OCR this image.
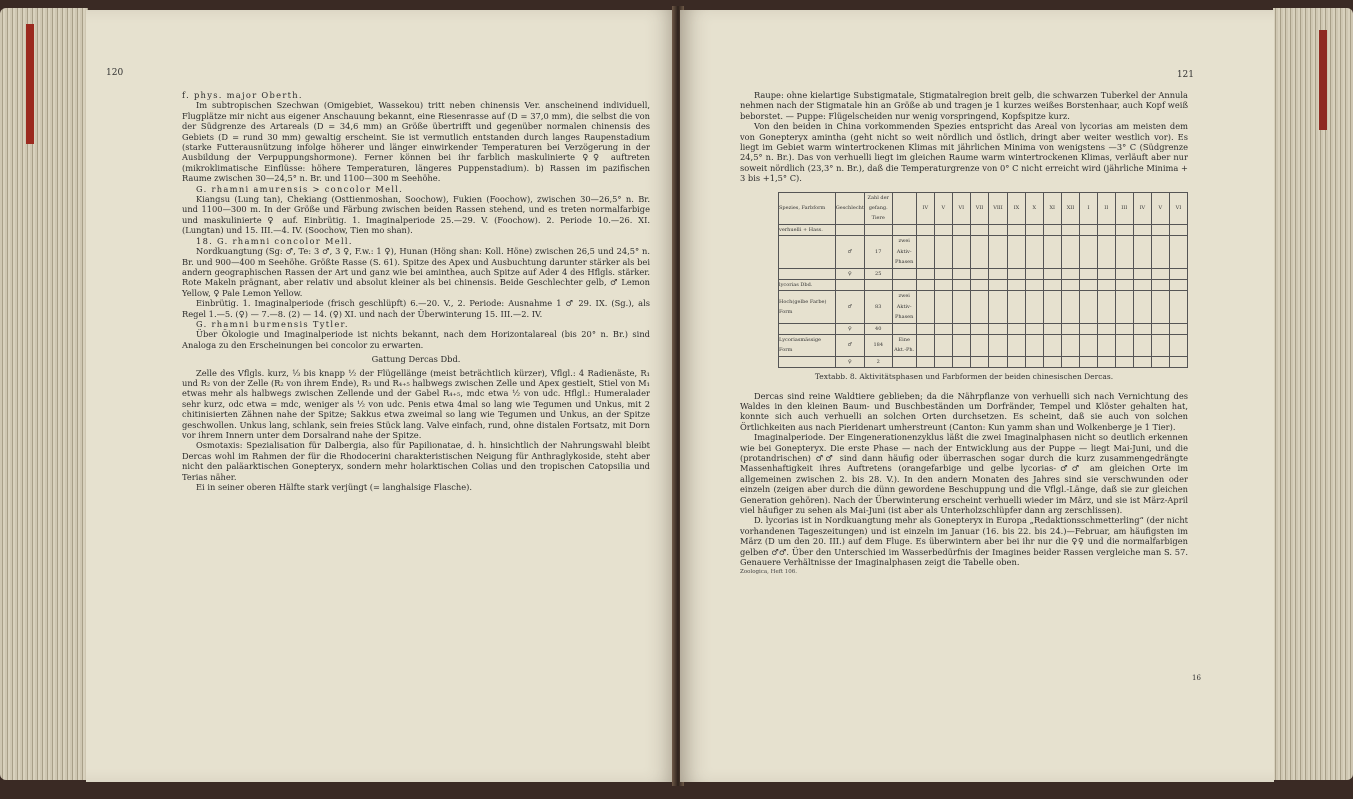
120

f. phys. major Oberth.

Im subtropischen Szechwan (Omigebiet, Wassekou) tritt neben chinensis Ver. anscheinend individuell, Flugplätze mir nicht aus eigener Anschauung bekannt, eine Riesenrasse auf (D = 37,0 mm), die selbst die von der Südgrenze des Artareals (D = 34,6 mm) an Größe übertrifft und gegenüber normalen chinensis des Gebiets (D = rund 30 mm) gewaltig erscheint. Sie ist vermutlich entstanden durch langes Raupenstadium (starke Futterausnützung infolge höherer und länger einwirkender Temperaturen bei Verzögerung in der Ausbildung der Verpuppungshormone). Ferner können bei ihr farblich maskulinierte ♀♀ auftreten (mikroklimatische Einflüsse: höhere Temperaturen, längeres Puppenstadium). b) Rassen im pazifischen Raume zwischen 30—24,5° n. Br. und 1100—300 m Seehöhe.

G. rhamni amurensis > concolor Mell.

Kiangsu (Lung tan), Chekiang (Osttienmoshan, Soochow), Fukien (Foochow), zwischen 30—26,5° n. Br. und 1100—300 m. In der Größe und Färbung zwischen beiden Rassen stehend, und es treten normalfarbige und maskulinierte ♀ auf. Einbrütig. 1. Imaginalperiode 25.—29. V. (Foochow). 2. Periode 10.—26. XI. (Lungtan) und 15. III.—4. IV. (Soochow, Tien mo shan).

18. G. rhamni concolor Mell.

Nordkuangtung (Sg: ♂, Te: 3 ♂, 3 ♀, F.w.: 1 ♀), Hunan (Höng shan: Koll. Höne) zwischen 26,5 und 24,5° n. Br. und 900—400 m Seehöhe. Größte Rasse (S. 61). Spitze des Apex und Ausbuchtung darunter stärker als bei andern geographischen Rassen der Art und ganz wie bei aminthea, auch Spitze auf Ader 4 des Hflgls. stärker. Rote Makeln prägnant, aber relativ und absolut kleiner als bei chinensis. Beide Geschlechter gelb, ♂ Lemon Yellow, ♀ Pale Lemon Yellow.

Einbrütig. 1. Imaginalperiode (frisch geschlüpft) 6.—20. V., 2. Periode: Ausnahme 1 ♂ 29. IX. (Sg.), als Regel 1.—5. (♀) — 7.—8. (2) — 14. (♀) XI. und nach der Überwinterung 15. III.—2. IV.

G. rhamni burmensis Tytler.

Über Ökologie und Imaginalperiode ist nichts bekannt, nach dem Horizontalareal (bis 20° n. Br.) sind Analoga zu den Erscheinungen bei concolor zu erwarten.

Gattung Dercas Dbd.

Zelle des Vflgls. kurz, ⅓ bis knapp ½ der Flügellänge (meist beträchtlich kürzer), Vflgl.: 4 Radienäste, R₁ und R₂ von der Zelle (R₂ von ihrem Ende), R₃ und R₄₊₅ halbwegs zwischen Zelle und Apex gestielt, Stiel von M₁ etwas mehr als halbwegs zwischen Zellende und der Gabel R₄₊₅, mdc etwa ½ von udc. Hflgl.: Humeralader sehr kurz, odc etwa = mdc, weniger als ½ von udc. Penis etwa 4mal so lang wie Tegumen und Unkus, mit 2 chitinisierten Zähnen nahe der Spitze; Sakkus etwa zweimal so lang wie Tegumen und Unkus, an der Spitze geschwollen. Unkus lang, schlank, sein freies Stück lang. Valve einfach, rund, ohne distalen Fortsatz, mit Dorn vor ihrem Innern unter dem Dorsalrand nahe der Spitze.

Osmotaxis: Spezialisation für Dalbergia, also für Papilionatae, d. h. hinsichtlich der Nahrungswahl bleibt Dercas wohl im Rahmen der für die Rhodocerini charakteristischen Neigung für Anthraglykoside, steht aber nicht den paläarktischen Gonepteryx, sondern mehr holarktischen Colias und den tropischen Catopsilia und Terias näher.

Ei in seiner oberen Hälfte stark verjüngt (= langhalsige Flasche).

121

Raupe: ohne kielartige Substigmatale, Stigmatalregion breit gelb, die schwarzen Tuberkel der Annula nehmen nach der Stigmatale hin an Größe ab und tragen je 1 kurzes weißes Borstenhaar, auch Kopf weiß beborstet. — Puppe: Flügelscheiden nur wenig vorspringend, Kopfspitze kurz.

Von den beiden in China vorkommenden Spezies entspricht das Areal von lycorias am meisten dem von Gonepteryx amintha (geht nicht so weit nördlich und östlich, dringt aber weiter westlich vor). Es liegt im Gebiet warm wintertrockenen Klimas mit jährlichen Minima von wenigstens —3° C (Südgrenze 24,5° n. Br.). Das von verhuelli liegt im gleichen Raume warm wintertrockenen Klimas, verläuft aber nur soweit nördlich (23,3° n. Br.), daß die Temperaturgrenze von 0° C nicht erreicht wird (jährliche Minima + 3 bis +1,5° C).

Spezies, Farbform	Geschlecht	Zahl der gefang. Tiere		IV	V	VI	VII	VIII	IX	X	XI	XII	I	II	III	IV	V	VI
verhuelli + Hass.																		
	♂	17	zwei Aktiv-Phasen															
	♀	25																
lycorias Dbd.																		
Hoch(gelbe Farbe) Form	♂	83	zwei Aktiv-Phasen															
	♀	40																
Lycoriasmässige Form	♂	184	Eine Akt.-Ph.															
	♀	2																
Textabb. 8. Aktivitätsphasen und Farbformen der beiden chinesischen Dercas.

Dercas sind reine Waldtiere geblieben; da die Nährpflanze von verhuelli sich nach Vernichtung des Waldes in den kleinen Baum- und Buschbeständen um Dorfränder, Tempel und Klöster gehalten hat, konnte sich auch verhuelli an solchen Orten durchsetzen. Es scheint, daß sie auch von solchen Örtlichkeiten aus nach Pieridenart umherstreunt (Canton: Kun yamm shan und Wolkenberge je 1 Tier).

Imaginalperiode. Der Eingenerationenzyklus läßt die zwei Imaginalphasen nicht so deutlich erkennen wie bei Gonepteryx. Die erste Phase — nach der Entwicklung aus der Puppe — liegt Mai-Juni, und die (protandrischen) ♂♂ sind dann häufig oder überraschen sogar durch die kurz zusammengedrängte Massenhaftigkeit ihres Auftretens (orangefarbige und gelbe lycorias-♂♂ am gleichen Orte im allgemeinen zwischen 2. bis 28. V.). In den andern Monaten des Jahres sind sie verschwunden oder einzeln (zeigen aber durch die dünn gewordene Beschuppung und die Vflgl.-Länge, daß sie zur gleichen Generation gehören). Nach der Überwinterung erscheint verhuelli wieder im März, und sie ist März-April viel häufiger zu sehen als Mai-Juni (ist aber als Unterholzschlüpfer dann arg zerschlissen).

D. lycorias ist in Nordkuangtung mehr als Gonepteryx in Europa „Redaktionsschmetterling“ (der nicht vorhandenen Tageszeitungen) und ist einzeln im Januar (16. bis 22. bis 24.)—Februar, am häufigsten im März (D um den 20. III.) auf dem Fluge. Es überwintern aber bei ihr nur die ♀♀ und die normalfarbigen gelben ♂♂. Über den Unterschied im Wasserbedürfnis der Imagines beider Rassen vergleiche man S. 57. Genauere Verhältnisse der Imaginalphasen zeigt die Tabelle oben.

Zoologica, Heft 106.
16
